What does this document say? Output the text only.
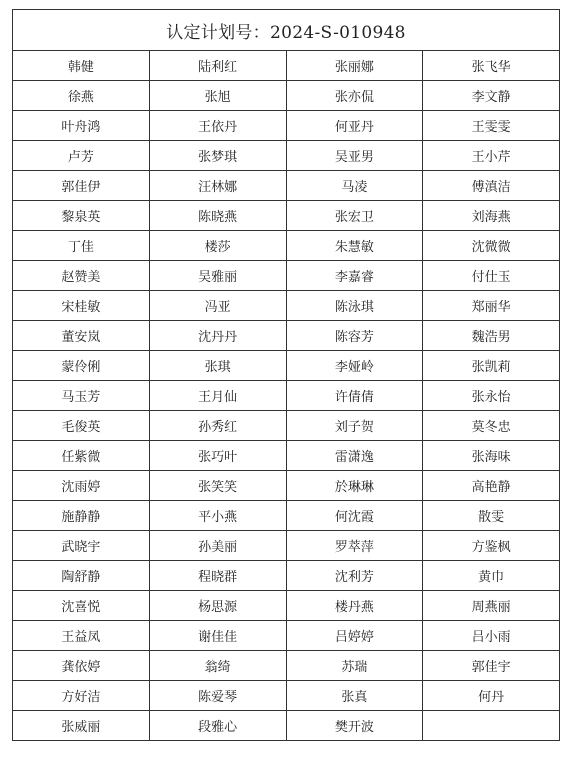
认定计划号：2024-S-010948			
韩健	陆利红	张丽娜	张飞华
徐燕	张旭	张亦侃	李文静
叶舟鸿	王依丹	何亚丹	王雯雯
卢芳	张梦琪	吴亚男	王小芹
郭佳伊	汪林娜	马凌	傅滇洁
黎泉英	陈晓燕	张宏卫	刘海燕
丁佳	楼莎	朱慧敏	沈微微
赵赞美	吴雅丽	李嘉睿	付仕玉
宋桂敏	冯亚	陈泳琪	郑丽华
董安岚	沈丹丹	陈容芳	魏浩男
蒙伶俐	张琪	李娅岭	张凯莉
马玉芳	王月仙	许倩倩	张永怡
毛俊英	孙秀红	刘子贺	莫冬忠
任紫微	张巧叶	雷潇逸	张海味
沈雨婷	张笑笑	於琳琳	高艳静
施静静	平小燕	何沈霞	散雯
武晓宇	孙美丽	罗萃萍	方鉴枫
陶舒静	程晓群	沈利芳	黄巾
沈喜悦	杨思源	楼丹燕	周燕丽
王益凤	谢佳佳	吕婷婷	吕小雨
龚依婷	翁绮	苏瑞	郭佳宇
方好洁	陈爱琴	张真	何丹
张威丽	段雅心	樊开波	
